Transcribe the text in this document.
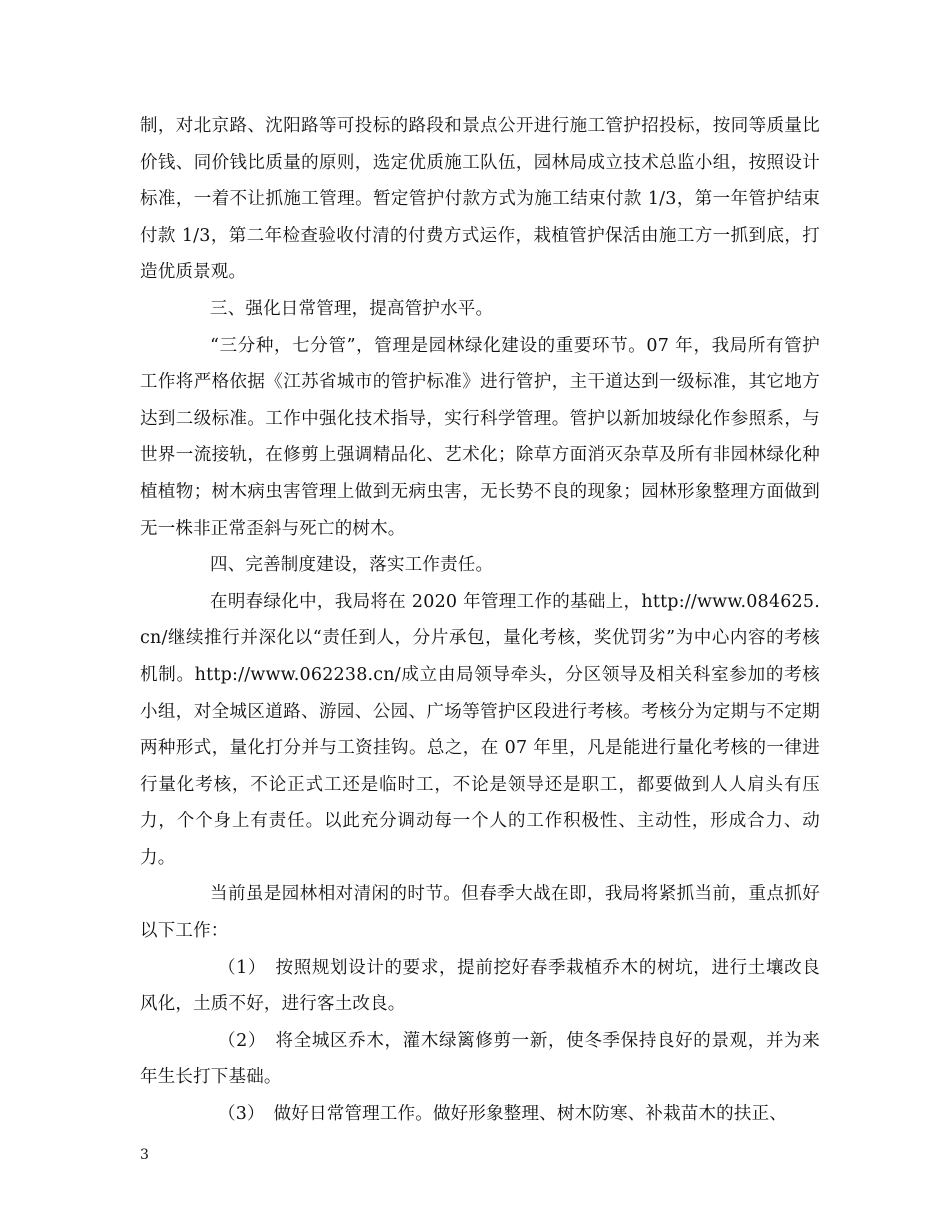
制，对北京路、沈阳路等可投标的路段和景点公开进行施工管护招投标，按同等质量比价钱、同价钱比质量的原则，选定优质施工队伍，园林局成立技术总监小组，按照设计标准，一着不让抓施工管理。暂定管护付款方式为施工结束付款 1/3，第一年管护结束付款 1/3，第二年检查验收付清的付费方式运作，栽植管护保活由施工方一抓到底，打造优质景观。

三、强化日常管理，提高管护水平。

“三分种，七分管”，管理是园林绿化建设的重要环节。07 年，我局所有管护工作将严格依据《江苏省城市的管护标准》进行管护，主干道达到一级标准，其它地方达到二级标准。工作中强化技术指导，实行科学管理。管护以新加坡绿化作参照系，与世界一流接轨，在修剪上强调精品化、艺术化；除草方面消灭杂草及所有非园林绿化种植植物；树木病虫害管理上做到无病虫害，无长势不良的现象；园林形象整理方面做到无一株非正常歪斜与死亡的树木。

四、完善制度建设，落实工作责任。

在明春绿化中，我局将在 2020 年管理工作的基础上，http://www.084625.cn/继续推行并深化以“责任到人，分片承包，量化考核，奖优罚劣”为中心内容的考核机制。http://www.062238.cn/成立由局领导牵头，分区领导及相关科室参加的考核小组，对全城区道路、游园、公园、广场等管护区段进行考核。考核分为定期与不定期两种形式，量化打分并与工资挂钩。总之，在 07 年里，凡是能进行量化考核的一律进行量化考核，不论正式工还是临时工，不论是领导还是职工，都要做到人人肩头有压力，个个身上有责任。以此充分调动每一个人的工作积极性、主动性，形成合力、动力。

当前虽是园林相对清闲的时节。但春季大战在即，我局将紧抓当前，重点抓好以下工作：

（1）　按照规划设计的要求，提前挖好春季栽植乔木的树坑，进行土壤改良风化，土质不好，进行客土改良。

（2）　将全城区乔木，灌木绿篱修剪一新，使冬季保持良好的景观，并为来年生长打下基础。

（3）　做好日常管理工作。做好形象整理、树木防寒、补栽苗木的扶正、

3
